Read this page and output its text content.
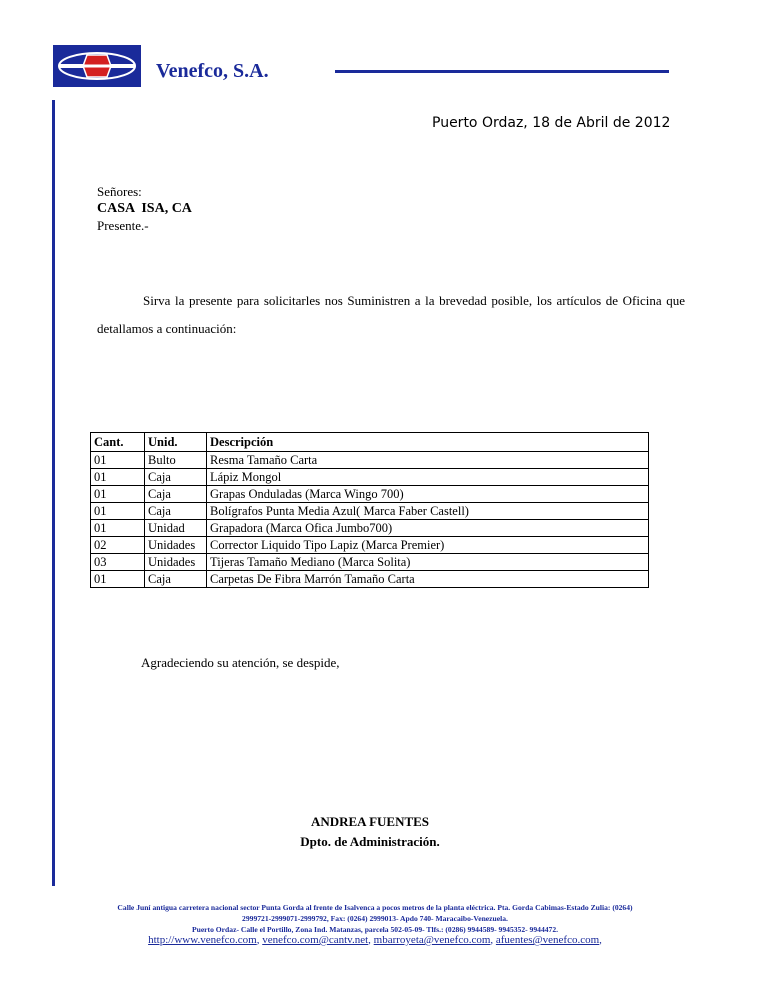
Venefco, S.A.
Puerto Ordaz, 18 de Abril de 2012
Señores:
CASA  ISA, CA
Presente.-
Sirva la presente para solicitarles nos Suministren a la brevedad posible, los artículos de Oficina que detallamos a continuación:
Cant.	Unid.	Descripción
01	Bulto	Resma Tamaño Carta
01	Caja	Lápiz Mongol
01	Caja	Grapas Onduladas (Marca Wingo 700)
01	Caja	Bolígrafos Punta Media Azul( Marca Faber Castell)
01	Unidad	Grapadora (Marca Ofica Jumbo700)
02	Unidades	Corrector Liquido Tipo Lapiz (Marca Premier)
03	Unidades	Tijeras Tamaño Mediano (Marca Solita)
01	Caja	Carpetas De Fibra Marrón Tamaño Carta
Agradeciendo su atención, se despide,
ANDREA FUENTES
Dpto. de Administración.
Calle Juní antigua carretera nacional sector Punta Gorda al frente de Isalvenca a pocos metros de la planta eléctrica. Pta. Gorda Cabimas-Estado Zulia: (0264)
2999721-2999071-2999792, Fax: (0264) 2999013- Apdo 740- Maracaibo-Venezuela.
Puerto Ordaz- Calle el Portillo, Zona Ind. Matanzas, parcela 502-05-09- Tlfs.: (0286) 9944589- 9945352- 9944472.
http://www.venefco.com, venefco.com@cantv.net, mbarroyeta@venefco.com, afuentes@venefco.com,
